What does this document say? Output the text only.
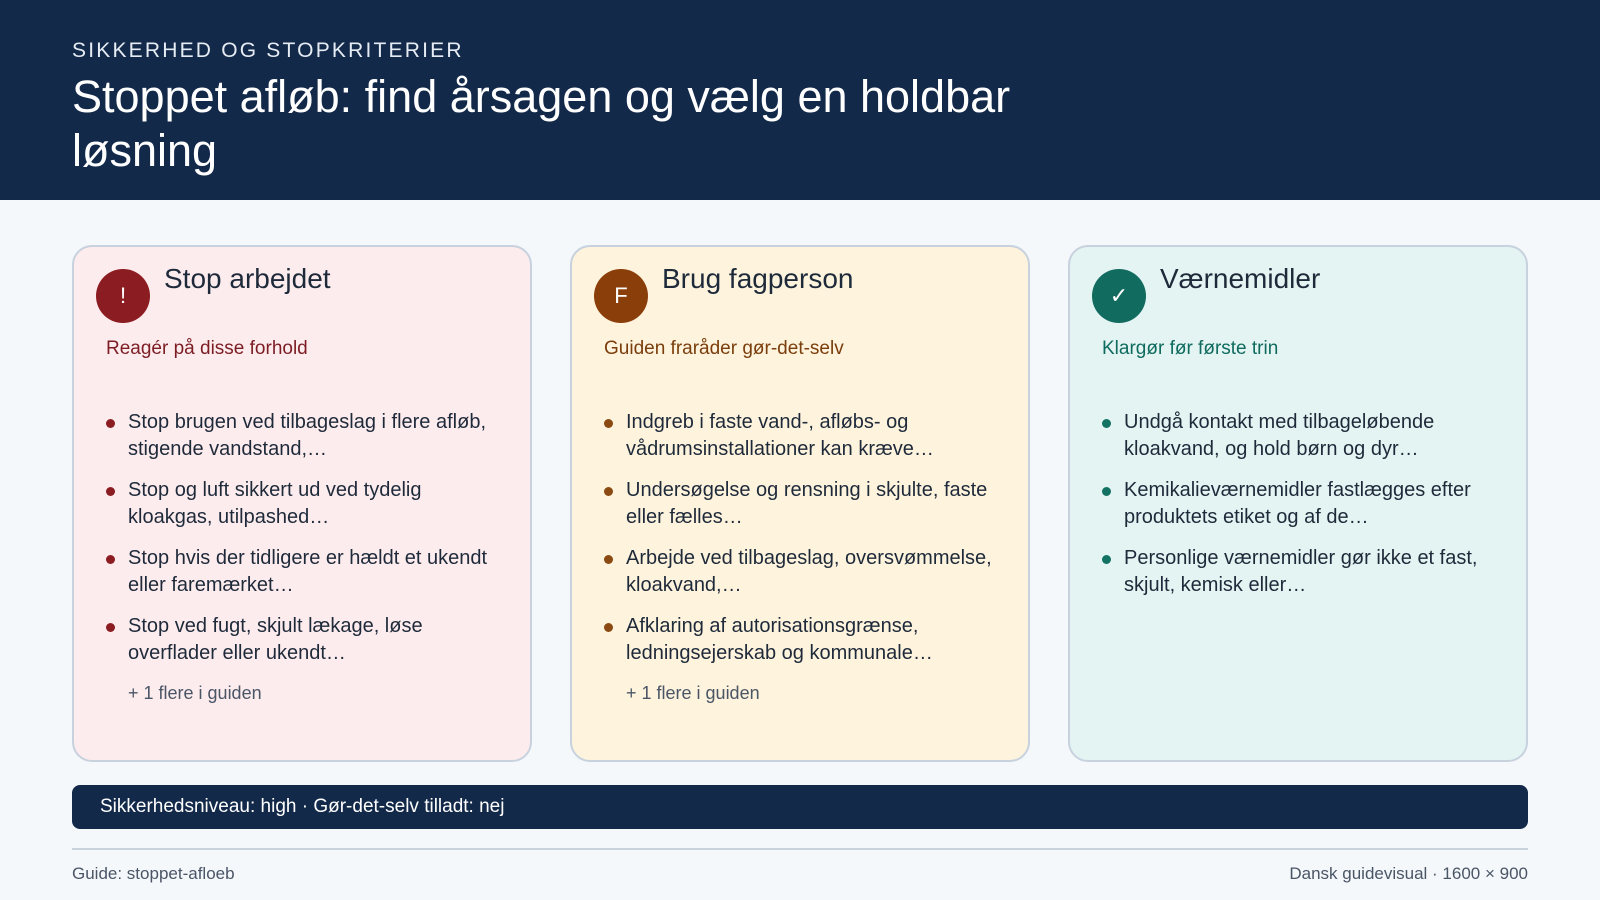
SIKKERHED OG STOPKRITERIER
Stoppet afløb: find årsagen og vælg en holdbar løsning
!
Stop arbejdet
Reagér på disse forhold
Stop brugen ved tilbageslag i flere afløb, stigende vandstand,…
Stop og luft sikkert ud ved tydelig kloakgas, utilpashed…
Stop hvis der tidligere er hældt et ukendt eller faremærket…
Stop ved fugt, skjult lækage, løse overflader eller ukendt…
+ 1 flere i guiden
F
Brug fagperson
Guiden fraråder gør-det-selv
Indgreb i faste vand-, afløbs- og vådrumsinstallationer kan kræve…
Undersøgelse og rensning i skjulte, faste eller fælles…
Arbejde ved tilbageslag, oversvømmelse, kloakvand,…
Afklaring af autorisationsgrænse, ledningsejerskab og kommunale…
+ 1 flere i guiden
✓
Værnemidler
Klargør før første trin
Undgå kontakt med tilbageløbende kloakvand, og hold børn og dyr…
Kemikalieværnemidler fastlægges efter produktets etiket og af de…
Personlige værnemidler gør ikke et fast, skjult, kemisk eller…
Sikkerhedsniveau: high · Gør-det-selv tilladt: nej
Guide: stoppet-afloeb	Dansk guidevisual · 1600 × 900
